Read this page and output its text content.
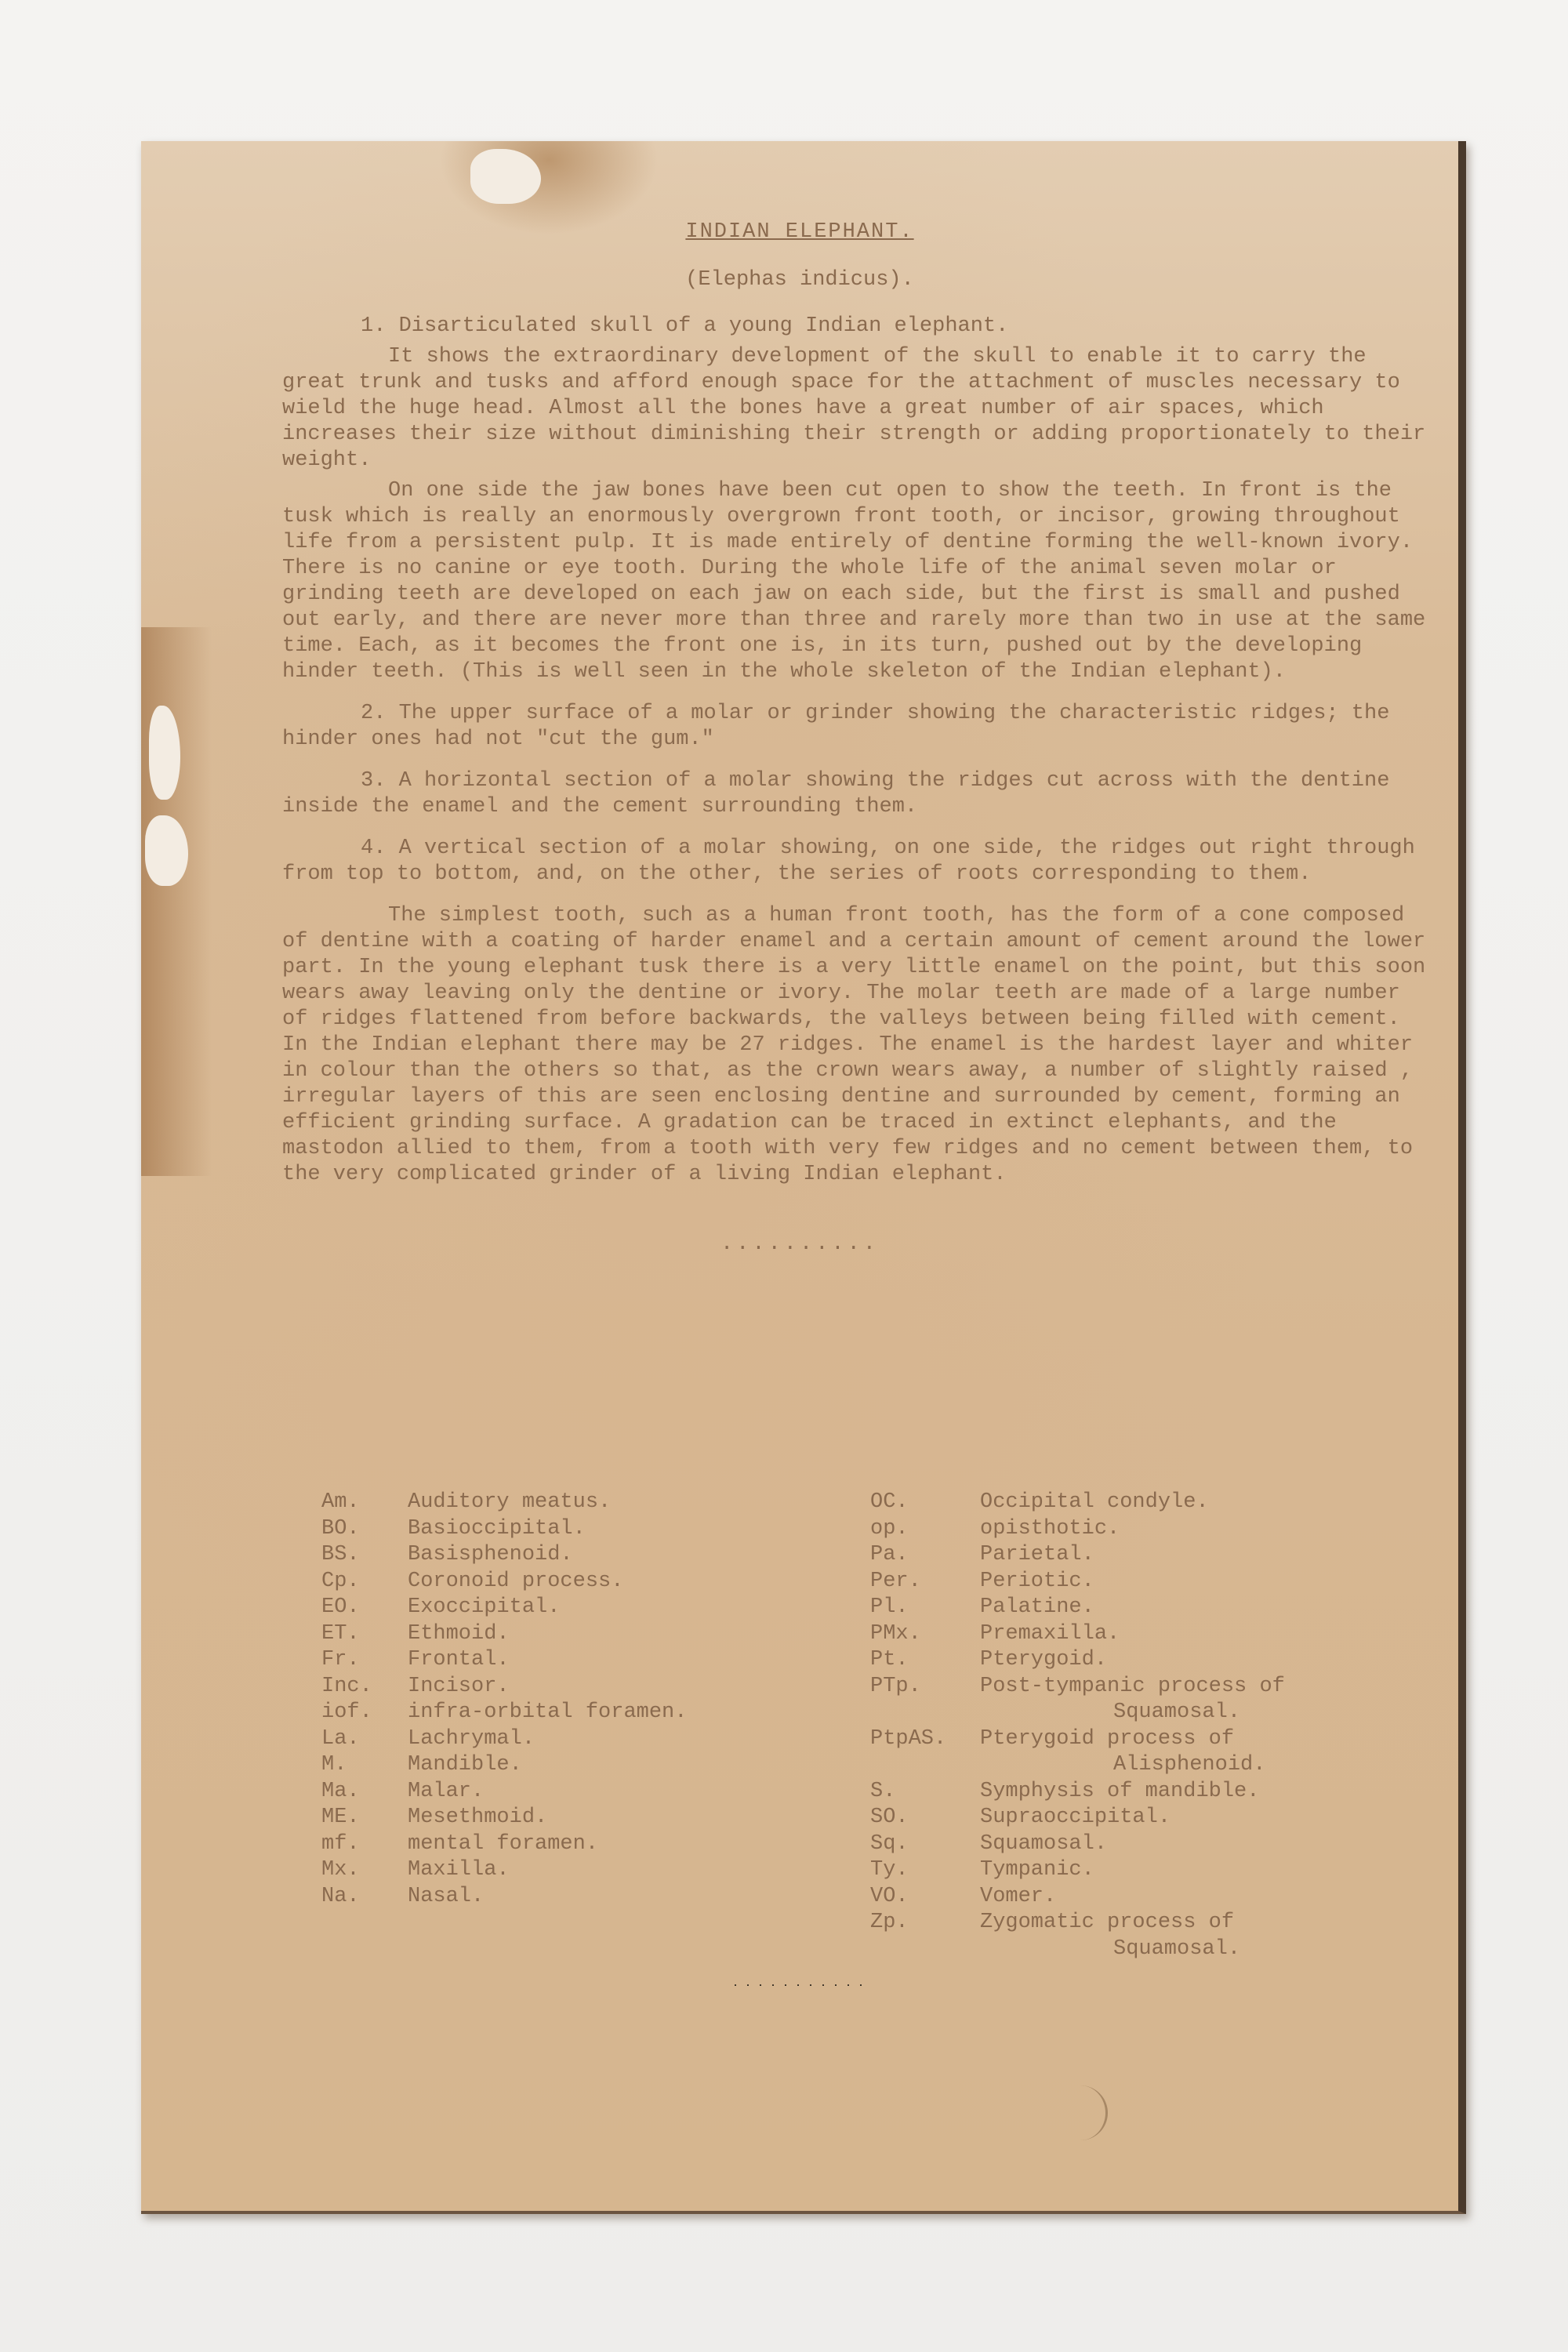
INDIAN ELEPHANT.
(Elephas indicus).
1. Disarticulated skull of a young Indian elephant.
It shows the extraordinary development of the skull to enable it to carry the great trunk and tusks and afford enough space for the attachment of muscles necessary to wield the huge head. Almost all the bones have a great number of air spaces, which increases their size without diminishing their strength or adding proportionately to their weight.
On one side the jaw bones have been cut open to show the teeth. In front is the tusk which is really an enormously overgrown front tooth, or incisor, growing throughout life from a persistent pulp. It is made entirely of dentine forming the well-known ivory. There is no canine or eye tooth. During the whole life of the animal seven molar or grinding teeth are developed on each jaw on each side, but the first is small and pushed out early, and there are never more than three and rarely more than two in use at the same time. Each, as it becomes the front one is, in its turn, pushed out by the developing hinder teeth. (This is well seen in the whole skeleton of the Indian elephant).
2. The upper surface of a molar or grinder showing the characteristic ridges; the hinder ones had not "cut the gum."
3. A horizontal section of a molar showing the ridges cut across with the dentine inside the enamel and the cement surrounding them.
4. A vertical section of a molar showing, on one side, the ridges out right through from top to bottom, and, on the other, the series of roots corresponding to them.
The simplest tooth, such as a human front tooth, has the form of a cone composed of dentine with a coating of harder enamel and a certain amount of cement around the lower part. In the young elephant tusk there is a very little enamel on the point, but this soon wears away leaving only the dentine or ivory. The molar teeth are made of a large number of ridges flattened from before backwards, the valleys between being filled with cement. In the Indian elephant there may be 27 ridges. The enamel is the hardest layer and whiter in colour than the others so that, as the crown wears away, a number of slightly raised , irregular layers of this are seen enclosing dentine and surrounded by cement, forming an efficient grinding surface. A gradation can be traced in extinct elephants, and the mastodon allied to them, from a tooth with very few ridges and no cement between them, to the very complicated grinder of a living Indian elephant.
..........
Am.	Auditory meatus.
BO.	Basioccipital.
BS.	Basisphenoid.
Cp.	Coronoid process.
EO.	Exoccipital.
ET.	Ethmoid.
Fr.	Frontal.
Inc.	Incisor.
iof.	infra-orbital foramen.
La.	Lachrymal.
M.	Mandible.
Ma.	Malar.
ME.	Mesethmoid.
mf.	mental foramen.
Mx.	Maxilla.
Na.	Nasal.
OC.	Occipital condyle.
op.	opisthotic.
Pa.	Parietal.
Per.	Periotic.
Pl.	Palatine.
PMx.	Premaxilla.
Pt.	Pterygoid.
PTp.	Post-tympanic process of
Squamosal.
PtpAS.	Pterygoid process of
Alisphenoid.
S.	Symphysis of mandible.
SO.	Supraoccipital.
Sq.	Squamosal.
Ty.	Tympanic.
VO.	Vomer.
Zp.	Zygomatic process of
Squamosal.
. . . . . . . . . . .
